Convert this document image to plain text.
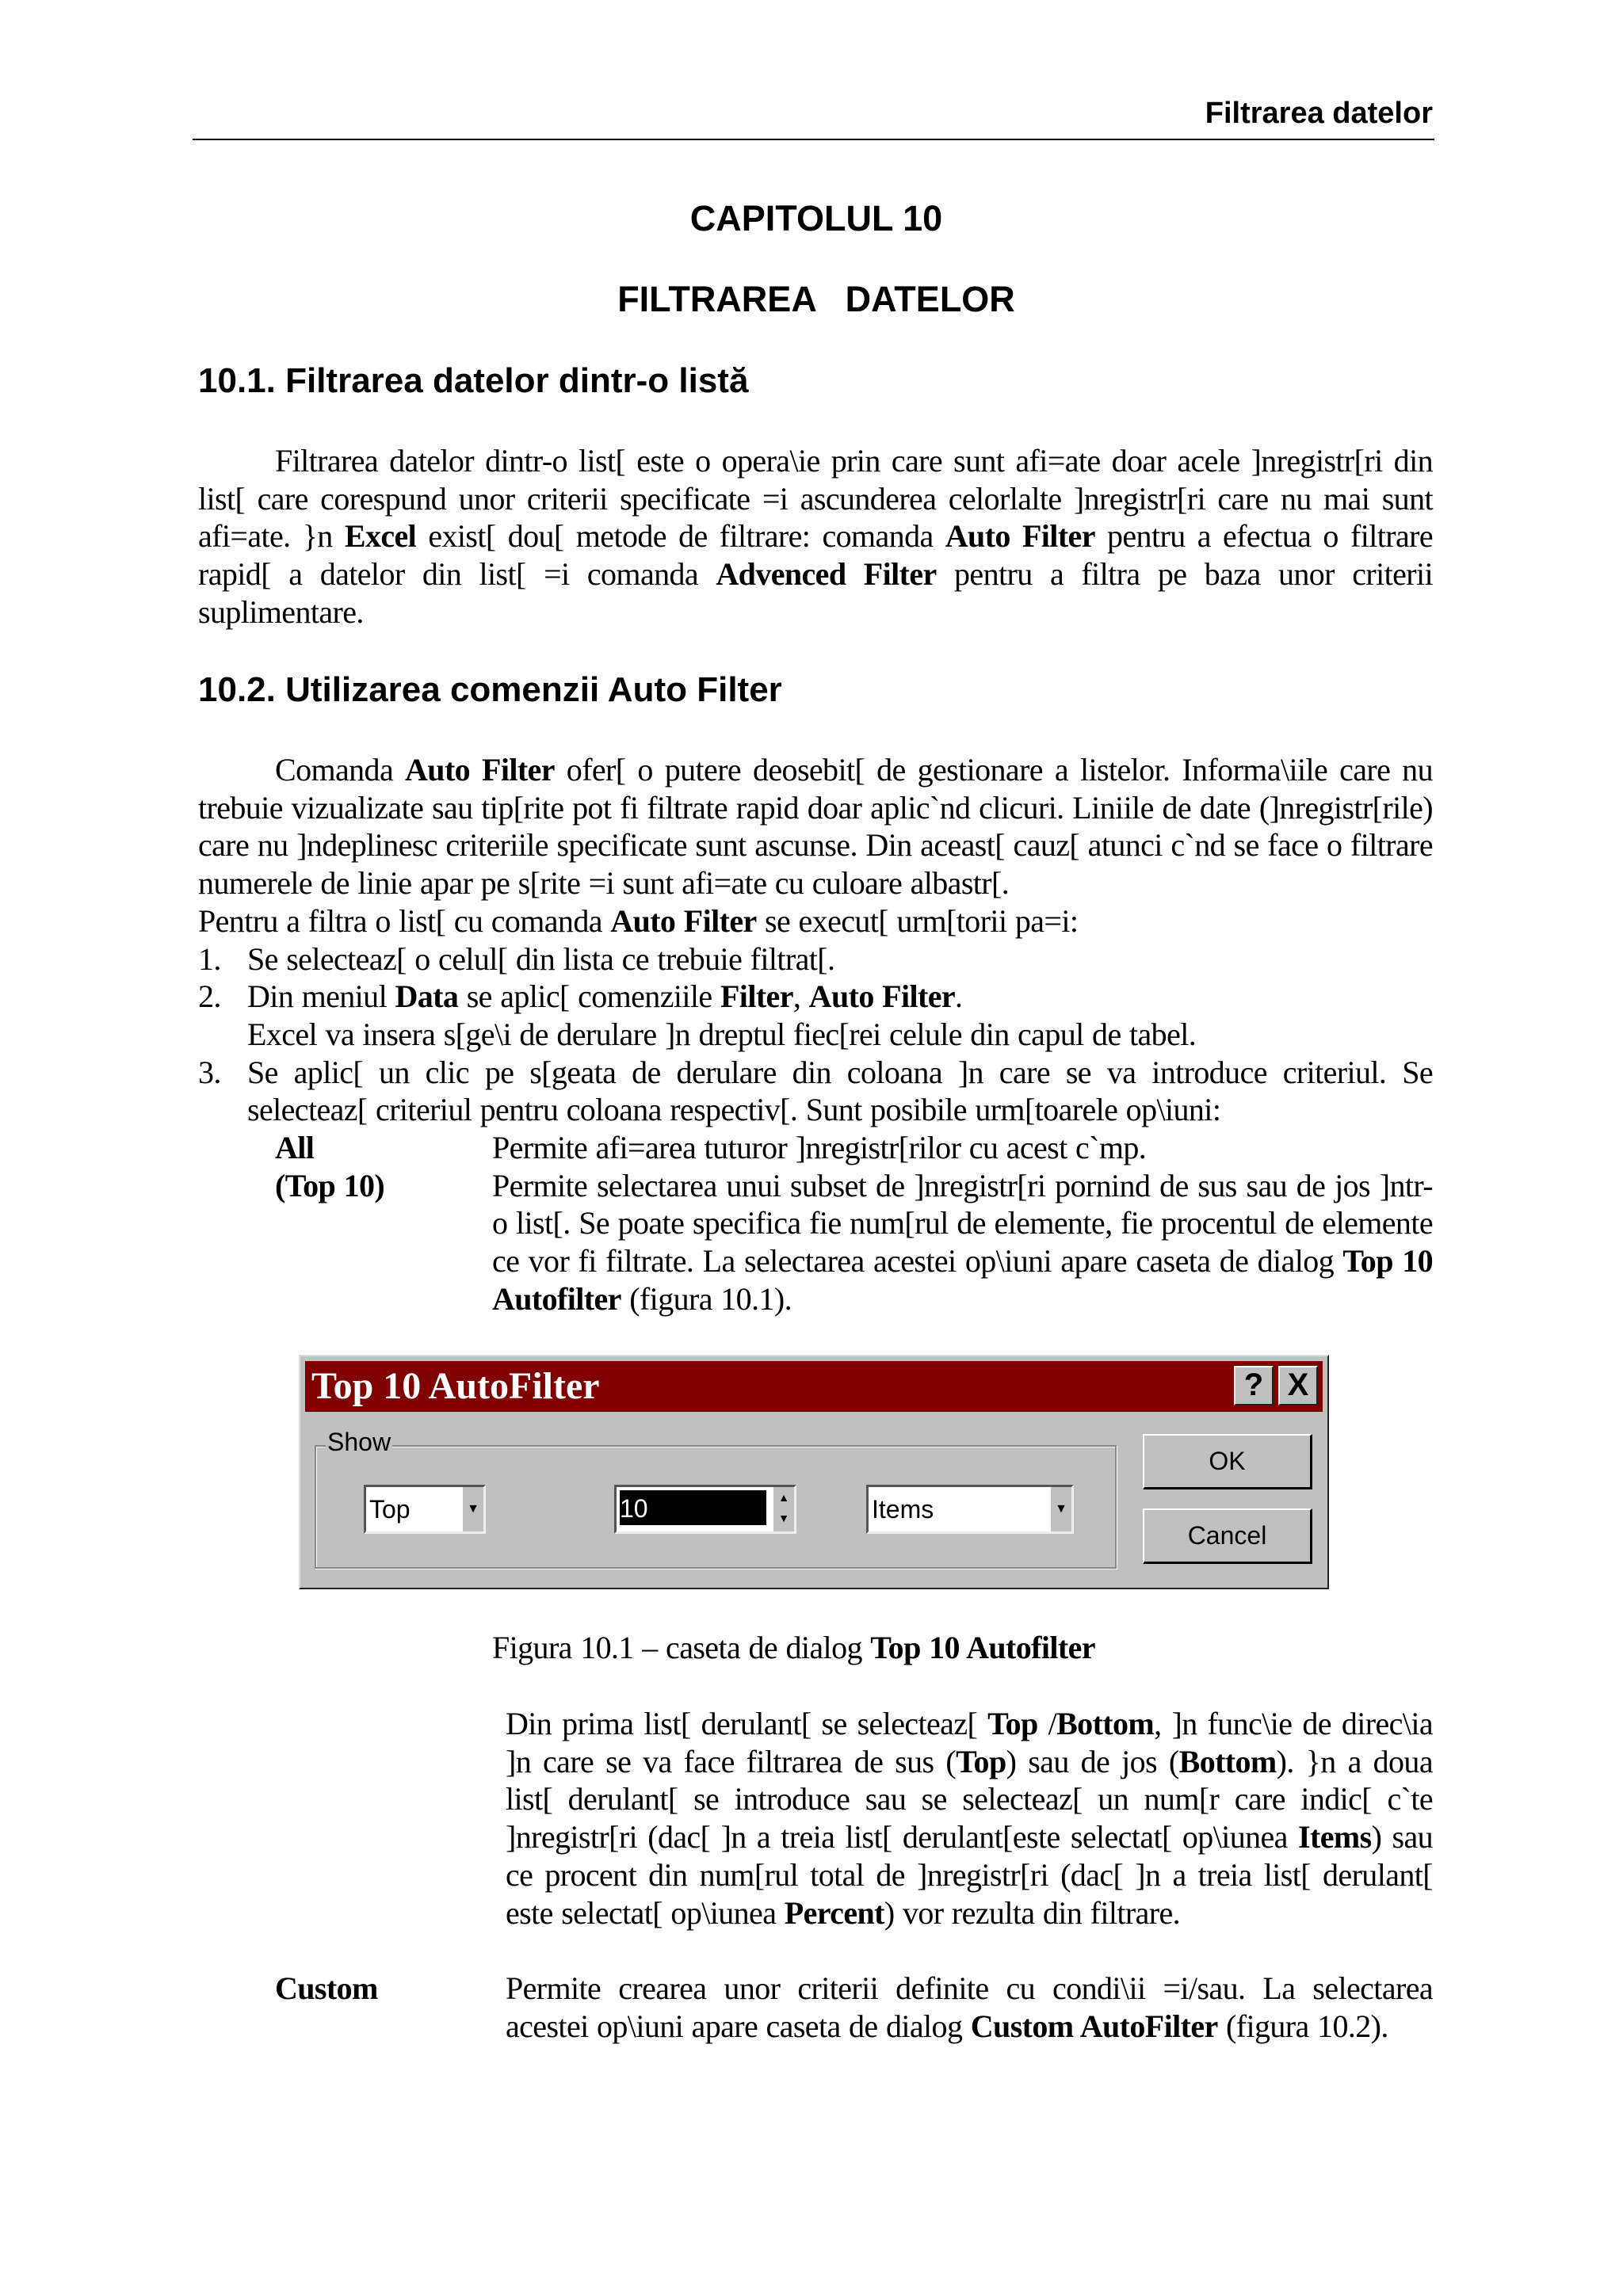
Filtrarea datelor
CAPITOLUL 10
FILTRAREA   DATELOR
10.1. Filtrarea datelor dintr-o listă

Filtrarea datelor dintr-o list[ este o opera\ie prin care sunt afi=ate doar acele ]nregistr[ri din list[ care corespund unor criterii specificate =i ascunderea celorlalte ]nregistr[ri care nu mai sunt afi=ate. }n Excel exist[ dou[ metode de filtrare: comanda Auto Filter pentru a efectua o filtrare rapid[ a datelor din list[ =i comanda Advenced Filter pentru a filtra pe baza unor criterii suplimentare.

10.2. Utilizarea comenzii Auto Filter

Comanda Auto Filter ofer[ o putere deosebit[ de gestionare a listelor. Informa\iile care nu trebuie vizualizate sau tip[rite pot fi filtrate rapid doar aplic`nd clicuri. Liniile de date (]nregistr[rile) care nu ]ndeplinesc criteriile specificate sunt ascunse. Din aceast[ cauz[ atunci c`nd se face o filtrare numerele de linie apar pe s[rite =i sunt afi=ate cu culoare albastr[.

Pentru a filtra o list[ cu comanda Auto Filter se execut[ urm[torii pa=i:

1. Se selecteaz[ o celul[ din lista ce trebuie filtrat[.
2. Din meniul Data se aplic[ comenziile Filter, Auto Filter.
Excel va insera s[ge\i de derulare ]n dreptul fiec[rei celule din capul de tabel.
3. Se aplic[ un clic pe s[geata de derulare din coloana ]n care se va introduce criteriul. Se selecteaz[ criteriul pentru coloana respectiv[. Sunt posibile urm[toarele op\iuni:
All	Permite afi=area tuturor ]nregistr[rilor cu acest c`mp.
(Top 10)	Permite selectarea unui subset de ]nregistr[ri pornind de sus sau de jos ]ntr-o list[. Se poate specifica fie num[rul de elemente, fie procentul de elemente ce vor fi filtrate. La selectarea acestei op\iuni apare caseta de dialog Top 10 Autofilter (figura 10.1).
Top 10 AutoFilter	? X
Show
Top	▼	10	▲
▼	Items	▼
OK
Cancel
Figura 10.1 – caseta de dialog Top 10 Autofilter
Din prima list[ derulant[ se selecteaz[ Top /Bottom, ]n func\ie de direc\ia ]n care se va face filtrarea de sus (Top) sau de jos (Bottom). }n a doua list[ derulant[ se introduce sau se selecteaz[ un num[r care indic[ c`te ]nregistr[ri (dac[ ]n a treia list[ derulant[este selectat[ op\iunea Items) sau ce procent din num[rul total de ]nregistr[ri (dac[ ]n a treia list[ derulant[ este selectat[ op\iunea Percent) vor rezulta din filtrare.
Custom	Permite crearea unor criterii definite cu condi\ii =i/sau. La selectarea acestei op\iuni apare caseta de dialog Custom AutoFilter (figura 10.2).
